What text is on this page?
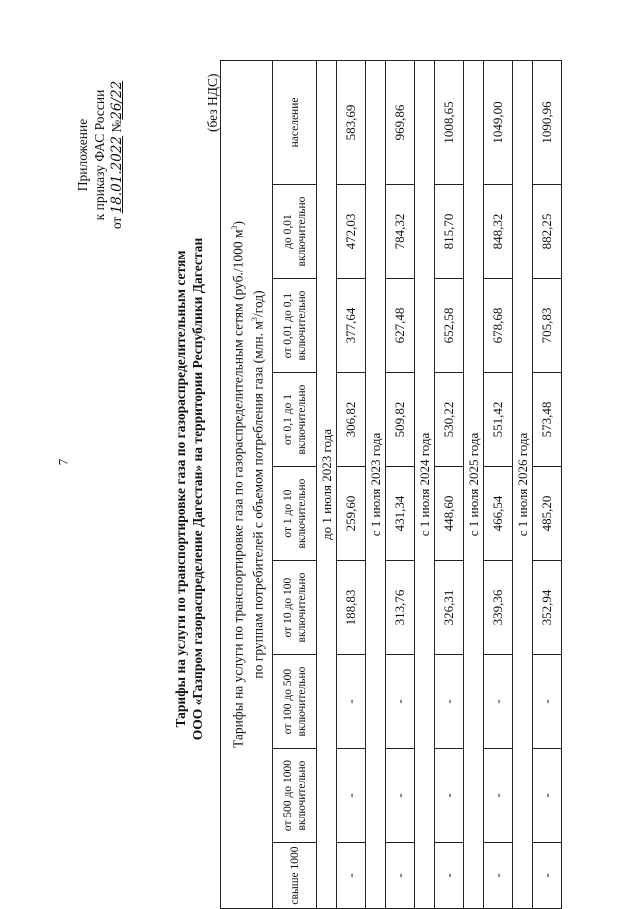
7
Приложение к приказу ФАС России
от 18.01.2022 №26/22
Тарифы на услуги по транспортировке газа по газораспределительным сетям ООО «Газпром газораспределение Дагестан» на территории Республики Дагестан
(без НДС)
Тарифы на услуги по транспортировке газа по газораспределительным сетям (руб./1000 $м^3$)
по группам потребителей с объемом потребления газа (млн. $м^3/год$)								

свыше 1000	от 500 до 1000 включительно	от 100 до 500 включительно	от 10 до 100 включительно	от 1 до 10 включительно	от 0,1 до 1 включительно	от 0,01 до 0,1 включительно	до 0,01 включительно	население
до 1 июля 2023 года								
-	-	-	188,83	259,60	306,82	377,64	472,03	583,69
с 1 июля 2023 года								
-	-	-	313,76	431,34	509,82	627,48	784,32	969,86
с 1 июля 2024 года								
-	-	-	326,31	448,60	530,22	652,58	815,70	1008,65
с 1 июля 2025 года								
-	-	-	339,36	466,54	551,42	678,68	848,32	1049,00
с 1 июля 2026 года								
-	-	-	352,94	485,20	573,48	705,83	882,25	1090,96
